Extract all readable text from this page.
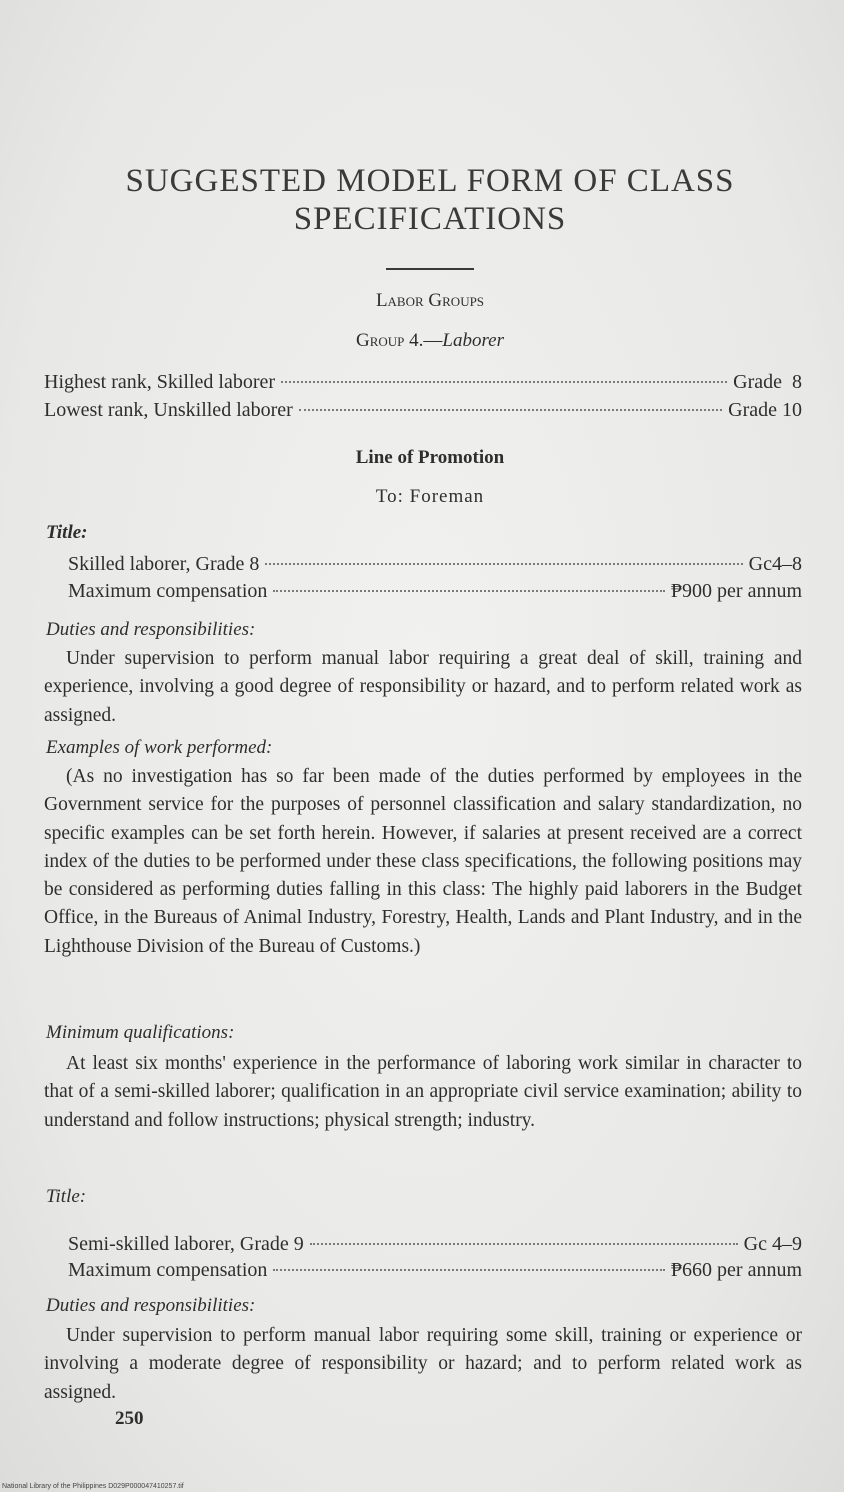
SUGGESTED MODEL FORM OF CLASS SPECIFICATIONS
Labor Groups
Group 4.—Laborer
Highest rank, Skilled laborer	Grade  8
Lowest rank, Unskilled laborer	Grade 10
Line of Promotion
To: Foreman
Title:
Skilled laborer, Grade 8	Gc4–8
Maximum compensation	₱900 per annum
Duties and responsibilities:

Under supervision to perform manual labor requiring a great deal of skill, training and experience, involving a good degree of responsibility or hazard, and to perform related work as assigned.

Examples of work performed:

(As no investigation has so far been made of the duties performed by employees in the Government service for the purposes of personnel classification and salary standardization, no specific examples can be set forth herein. However, if salaries at present received are a correct index of the duties to be performed under these class specifications, the following positions may be considered as performing duties falling in this class: The highly paid laborers in the Budget Office, in the Bureaus of Animal Industry, Forestry, Health, Lands and Plant Industry, and in the Lighthouse Division of the Bureau of Customs.)

Minimum qualifications:

At least six months' experience in the performance of laboring work similar in character to that of a semi-skilled laborer; qualification in an appropriate civil service examination; ability to understand and follow instructions; physical strength; industry.

Title:
Semi-skilled laborer, Grade 9	Gc 4–9
Maximum compensation	₱660 per annum
Duties and responsibilities:

Under supervision to perform manual labor requiring some skill, training or experience or involving a moderate degree of responsibility or hazard; and to perform related work as assigned.

250
National Library of the Philippines D029P000047410257.tif
